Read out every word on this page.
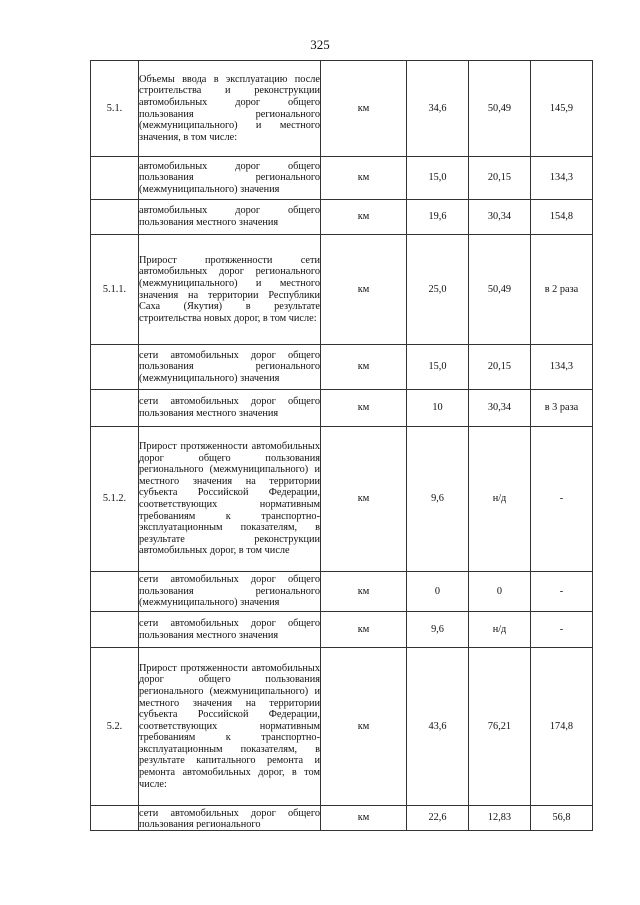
325
5.1.	Объемы ввода в эксплуатацию после строительства и реконструкции автомобильных дорог общего пользования регионального (межмуниципального) и местного значения, в том числе:	км	34,6	50,49	145,9
	автомобильных дорог общего пользования регионального (межмуниципального) значения	км	15,0	20,15	134,3
	автомобильных дорог общего пользования местного значения	км	19,6	30,34	154,8
5.1.1.	Прирост протяженности сети автомобильных дорог регионального (межмуниципального) и местного значения на территории Республики Саха (Якутия) в результате строительства новых дорог, в том числе:	км	25,0	50,49	в 2 раза
	сети автомобильных дорог общего пользования регионального (межмуниципального) значения	км	15,0	20,15	134,3
	сети автомобильных дорог общего пользования местного значения	км	10	30,34	в 3 раза
5.1.2.	Прирост протяженности автомобильных дорог общего пользования регионального (межмуниципального) и местного значения на территории субъекта Российской Федерации, соответствующих нормативным требованиям к транспортно-эксплуатационным показателям, в результате реконструкции автомобильных дорог, в том числе	км	9,6	н/д	-
	сети автомобильных дорог общего пользования регионального (межмуниципального) значения	км	0	0	-
	сети автомобильных дорог общего пользования местного значения	км	9,6	н/д	-
5.2.	Прирост протяженности автомобильных дорог общего пользования регионального (межмуниципального) и местного значения на территории субъекта Российской Федерации, соответствующих нормативным требованиям к транспортно-эксплуатационным показателям, в результате капитального ремонта и ремонта автомобильных дорог, в том числе:	км	43,6	76,21	174,8

	сети автомобильных дорог общего пользования регионального	км	22,6	12,83	56,8
